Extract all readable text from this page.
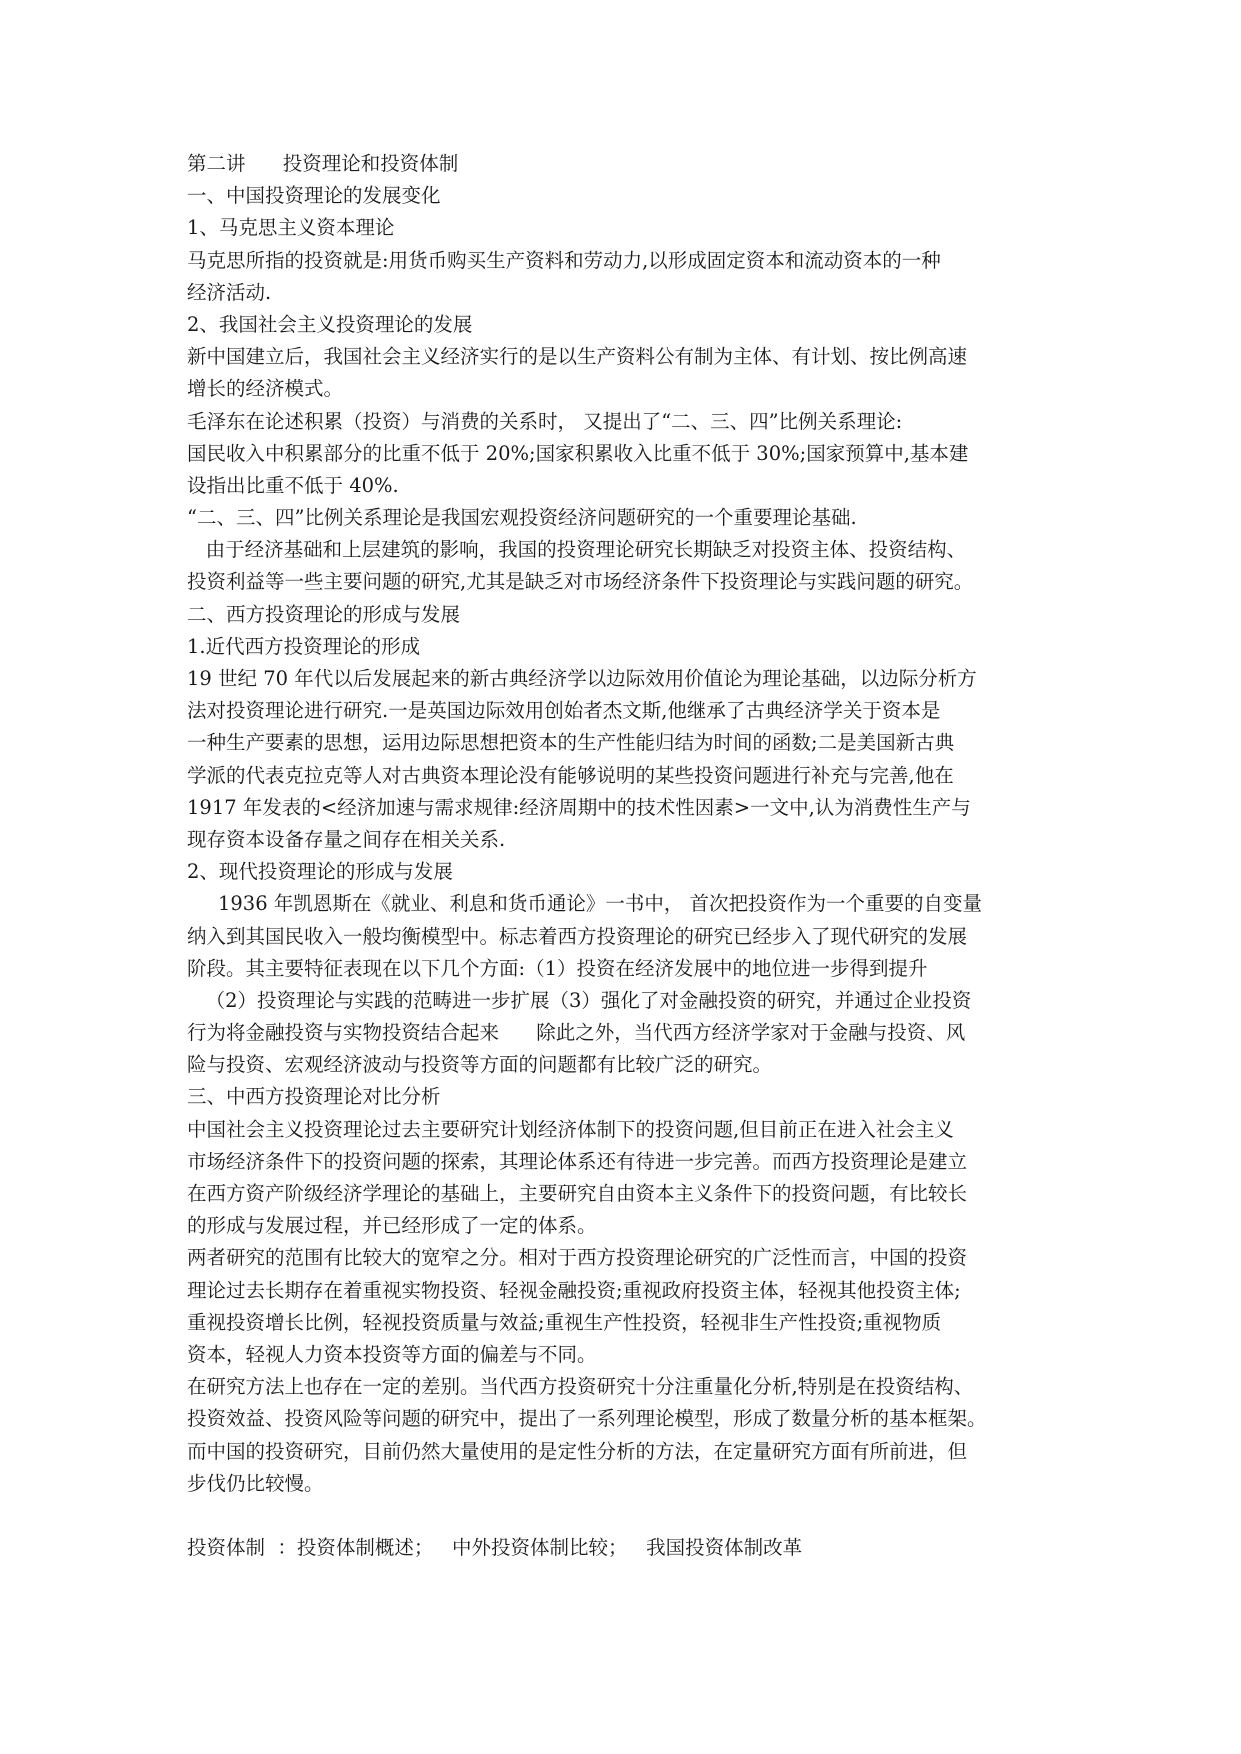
第二讲      投资理论和投资体制
一、中国投资理论的发展变化
1、马克思主义资本理论
马克思所指的投资就是:用货币购买生产资料和劳动力,以形成固定资本和流动资本的一种
经济活动.
2、我国社会主义投资理论的发展
新中国建立后，我国社会主义经济实行的是以生产资料公有制为主体、有计划、按比例高速
增长的经济模式。
毛泽东在论述积累（投资）与消费的关系时， 又提出了“二、三、四”比例关系理论:
国民收入中积累部分的比重不低于 20%;国家积累收入比重不低于 30%;国家预算中,基本建
设指出比重不低于 40%.
“二、三、四”比例关系理论是我国宏观投资经济问题研究的一个重要理论基础.
由于经济基础和上层建筑的影响，我国的投资理论研究长期缺乏对投资主体、投资结构、
投资利益等一些主要问题的研究,尤其是缺乏对市场经济条件下投资理论与实践问题的研究。
二、西方投资理论的形成与发展
1.近代西方投资理论的形成
19 世纪 70 年代以后发展起来的新古典经济学以边际效用价值论为理论基础，以边际分析方
法对投资理论进行研究.一是英国边际效用创始者杰文斯,他继承了古典经济学关于资本是
一种生产要素的思想，运用边际思想把资本的生产性能归结为时间的函数;二是美国新古典
学派的代表克拉克等人对古典资本理论没有能够说明的某些投资问题进行补充与完善,他在
1917 年发表的<经济加速与需求规律:经济周期中的技术性因素>一文中,认为消费性生产与
现存资本设备存量之间存在相关关系.
2、现代投资理论的形成与发展
1936 年凯恩斯在《就业、利息和货币通论》一书中， 首次把投资作为一个重要的自变量
纳入到其国民收入一般均衡模型中。标志着西方投资理论的研究已经步入了现代研究的发展
阶段。其主要特征表现在以下几个方面:（1）投资在经济发展中的地位进一步得到提升
（2）投资理论与实践的范畴进一步扩展（3）强化了对金融投资的研究，并通过企业投资
行为将金融投资与实物投资结合起来      除此之外，当代西方经济学家对于金融与投资、风
险与投资、宏观经济波动与投资等方面的问题都有比较广泛的研究。
三、中西方投资理论对比分析
中国社会主义投资理论过去主要研究计划经济体制下的投资问题,但目前正在进入社会主义
市场经济条件下的投资问题的探索，其理论体系还有待进一步完善。而西方投资理论是建立
在西方资产阶级经济学理论的基础上，主要研究自由资本主义条件下的投资问题，有比较长
的形成与发展过程，并已经形成了一定的体系。
两者研究的范围有比较大的宽窄之分。相对于西方投资理论研究的广泛性而言，中国的投资
理论过去长期存在着重视实物投资、轻视金融投资;重视政府投资主体，轻视其他投资主体;
重视投资增长比例，轻视投资质量与效益;重视生产性投资，轻视非生产性投资;重视物质
资本，轻视人力资本投资等方面的偏差与不同。
在研究方法上也存在一定的差别。当代西方投资研究十分注重量化分析,特别是在投资结构、
投资效益、投资风险等问题的研究中，提出了一系列理论模型，形成了数量分析的基本框架。
而中国的投资研究，目前仍然大量使用的是定性分析的方法，在定量研究方面有所前进，但
步伐仍比较慢。
投资体制  ：投资体制概述；   中外投资体制比较；   我国投资体制改革
